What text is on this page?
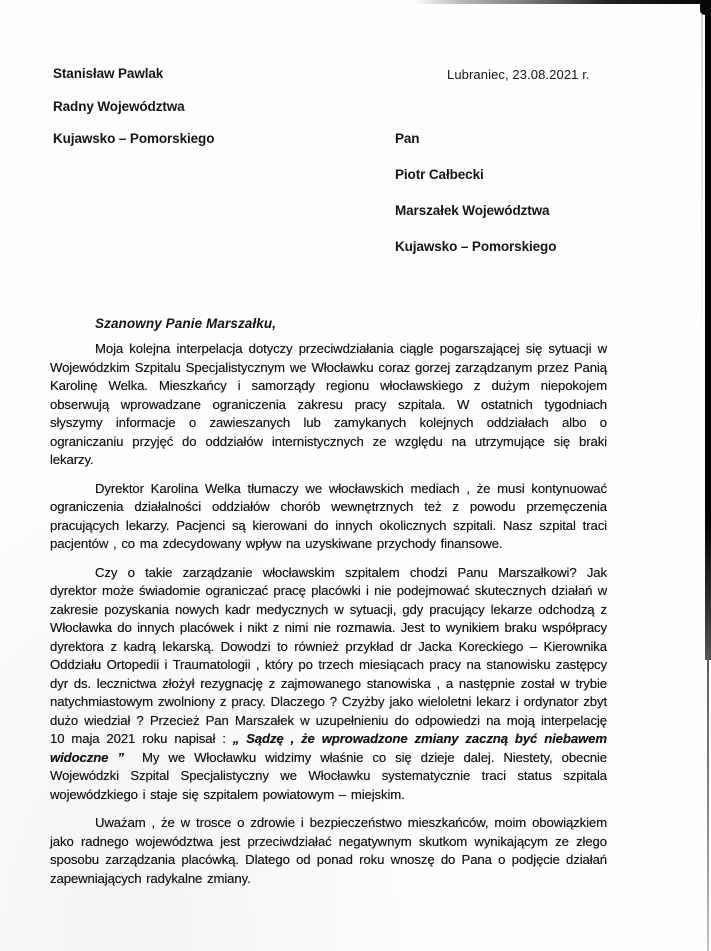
Stanisław Pawlak
Radny Województwa
Kujawsko – Pomorskiego
Lubraniec, 23.08.2021 r.
Pan
Piotr Całbecki
Marszałek Województwa
Kujawsko – Pomorskiego
Szanowny Panie Marszałku,

Moja kolejna interpelacja dotyczy przeciwdziałania ciągle pogarszającej się sytuacji w Wojewódzkim Szpitalu Specjalistycznym we Włocławku coraz gorzej zarządzanym przez Panią Karolinę Welka. Mieszkańcy i samorządy regionu włocławskiego z dużym niepokojem obserwują wprowadzane ograniczenia zakresu pracy szpitala. W ostatnich tygodniach słyszymy informacje o zawieszanych lub zamykanych kolejnych oddziałach albo o ograniczaniu przyjęć do oddziałów internistycznych ze względu na utrzymujące się braki lekarzy.

Dyrektor Karolina Welka tłumaczy we włocławskich mediach , że musi kontynuować ograniczenia działalności oddziałów chorób wewnętrznych też z powodu przemęczenia pracujących lekarzy. Pacjenci są kierowani do innych okolicznych szpitali. Nasz szpital traci pacjentów , co ma zdecydowany wpływ na uzyskiwane przychody finansowe.

Czy o takie zarządzanie włocławskim szpitalem chodzi Panu Marszałkowi? Jak dyrektor może świadomie ograniczać pracę placówki i nie podejmować skutecznych działań w zakresie pozyskania nowych kadr medycznych w sytuacji, gdy pracujący lekarze odchodzą z Włocławka do innych placówek i nikt z nimi nie rozmawia. Jest to wynikiem braku współpracy dyrektora z kadrą lekarską. Dowodzi to również przykład dr Jacka Koreckiego – Kierownika Oddziału Ortopedii i Traumatologii , który po trzech miesiącach pracy na stanowisku zastępcy dyr ds. lecznictwa złożył rezygnację z zajmowanego stanowiska , a następnie został w trybie natychmiastowym zwolniony z pracy. Dlaczego ? Czyżby jako wieloletni lekarz i ordynator zbyt dużo wiedział ? Przecież Pan Marszałek w uzupełnieniu do odpowiedzi na moją interpelację 10 maja 2021 roku napisał : „ Sądzę , że wprowadzone zmiany zaczną być niebawem widoczne ” My we Włocławku widzimy właśnie co się dzieje dalej. Niestety, obecnie Wojewódzki Szpital Specjalistyczny we Włocławku systematycznie traci status szpitala wojewódzkiego i staje się szpitalem powiatowym – miejskim.

Uważam , że w trosce o zdrowie i bezpieczeństwo mieszkańców, moim obowiązkiem jako radnego województwa jest przeciwdziałać negatywnym skutkom wynikającym ze złego sposobu zarządzania placówką. Dlatego od ponad roku wnoszę do Pana o podjęcie działań zapewniających radykalne zmiany.
